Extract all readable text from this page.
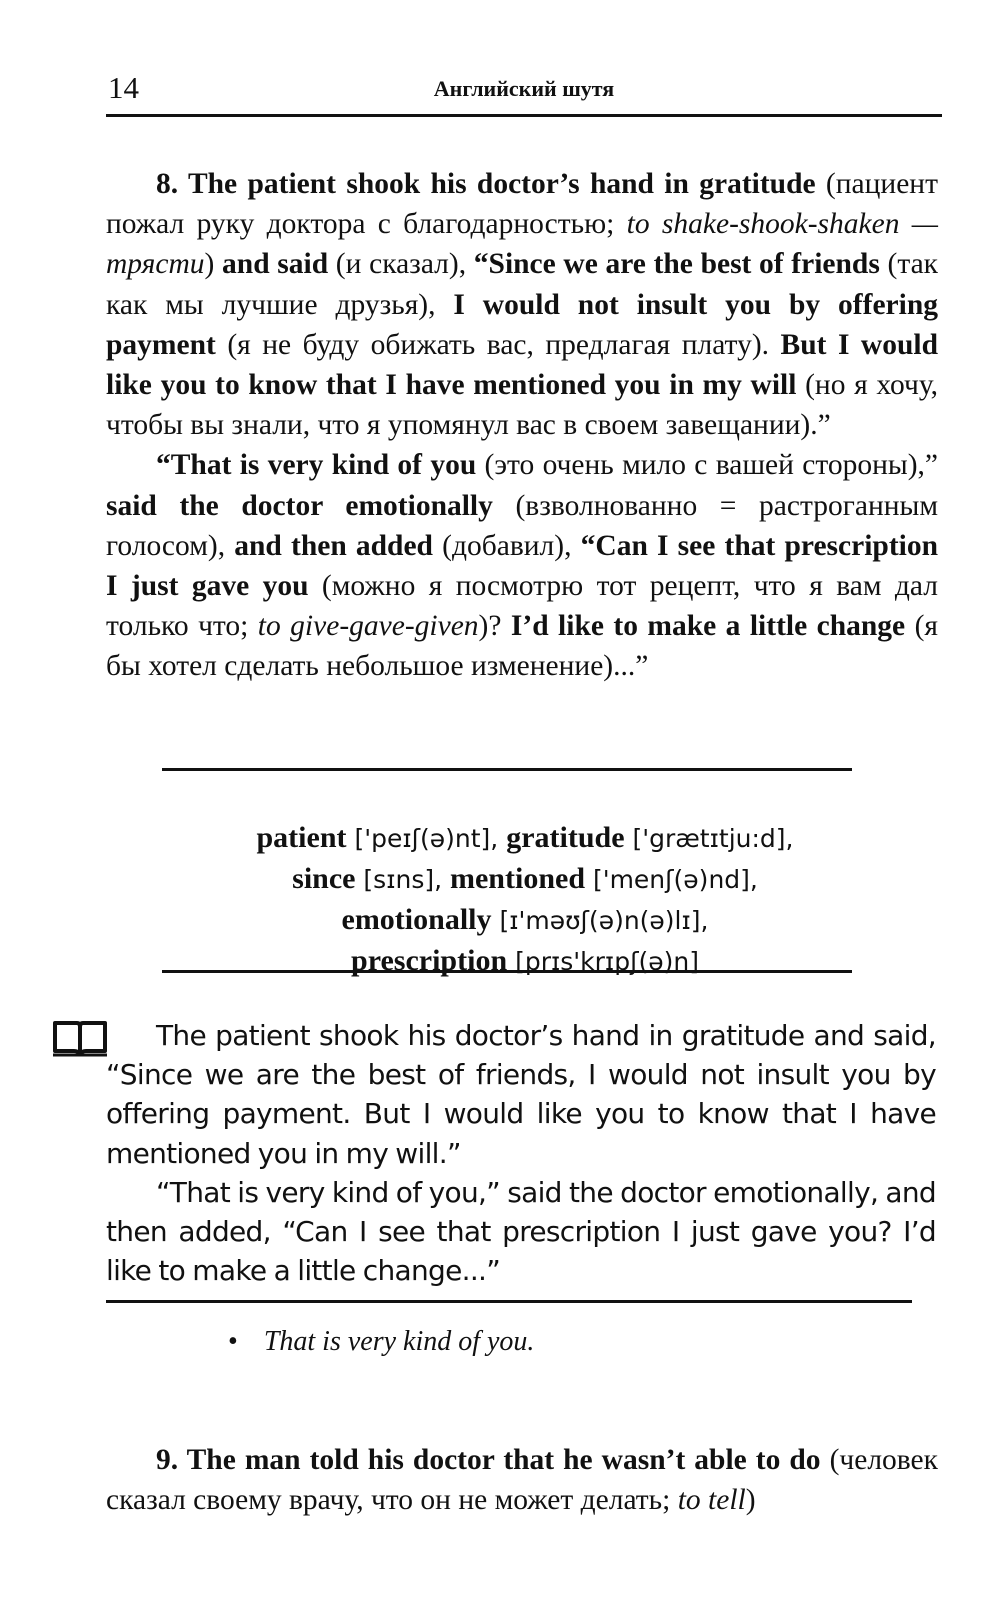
14	Английский шутя

8. The patient shook his doctor’s hand in gratitude (пациент пожал руку доктора с благодарностью; to shake-shook-shaken — трясти) and said (и сказал), “Since we are the best of friends (так как мы лучшие друзья), I would not insult you by offering payment (я не буду обижать вас, предлагая плату). But I would like you to know that I have mentioned you in my will (но я хочу, чтобы вы знали, что я упомянул вас в своем завещании).”

“That is very kind of you (это очень мило с вашей стороны),” said the doctor emotionally (взволнованно = растроганным голосом), and then added (добавил), “Can I see that prescription I just gave you (можно я посмотрю тот рецепт, что я вам дал только что; to give-gave-given)? I’d like to make a little change (я бы хотел сделать небольшое изменение)...”

patient ['peɪʃ(ə)nt], gratitude ['grætɪtju:d],
since [sɪns], mentioned ['menʃ(ə)nd],
emotionally [ɪ'məʊʃ(ə)n(ə)lɪ],
prescription [prɪs'krɪpʃ(ə)n]

The patient shook his doctor’s hand in gratitude and said, “Since we are the best of friends, I would not insult you by offering payment. But I would like you to know that I have mentioned you in my will.”

“That is very kind of you,” said the doctor emotionally, and then added, “Can I see that prescription I just gave you? I’d like to make a little change...”

• That is very kind of you.

9. The man told his doctor that he wasn’t able to do (человек сказал своему врачу, что он не может делать; to tell)
